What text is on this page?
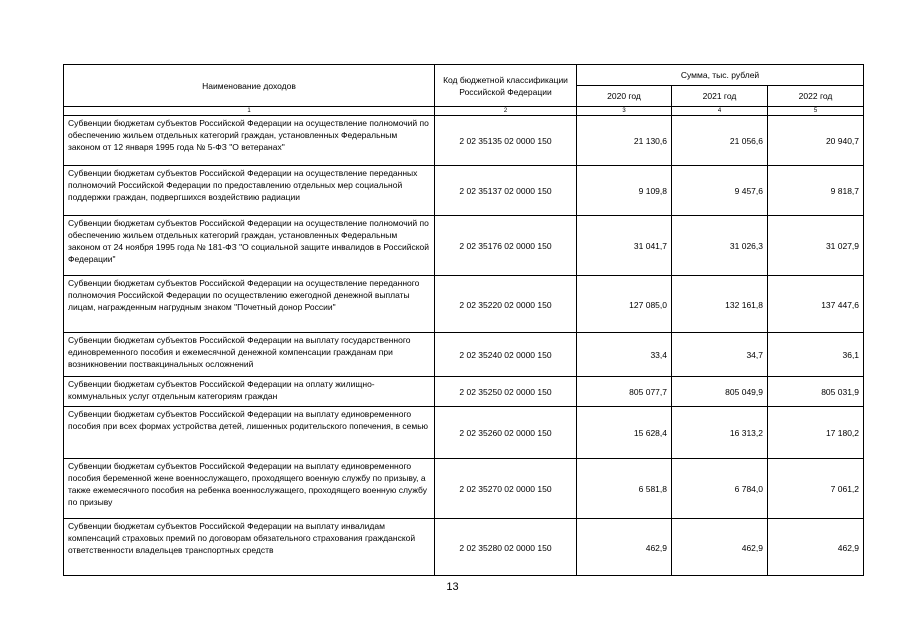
Наименование доходов	Код бюджетной классификации Российской Федерации	Сумма, тыс. рублей		
		2020 год	2021 год	2022 год
1	2	3	4	5
Субвенции бюджетам субъектов Российской Федерации на осуществление полномочий по обеспечению жильем отдельных категорий граждан, установленных Федеральным законом от 12 января 1995 года № 5-ФЗ "О ветеранах"	2 02 35135 02 0000 150	21 130,6	21 056,6	20 940,7
Субвенции бюджетам субъектов Российской Федерации на осуществление переданных полномочий Российской Федерации по предоставлению отдельных мер социальной поддержки граждан, подвергшихся воздействию радиации	2 02 35137 02 0000 150	9 109,8	9 457,6	9 818,7
Субвенции бюджетам субъектов Российской Федерации на осуществление полномочий по обеспечению жильем отдельных категорий граждан, установленных Федеральным законом от 24 ноября 1995 года № 181-ФЗ "О социальной защите инвалидов в Российской Федерации"	2 02 35176 02 0000 150	31 041,7	31 026,3	31 027,9
Субвенции бюджетам субъектов Российской Федерации на осуществление переданного полномочия Российской Федерации по осуществлению ежегодной денежной выплаты лицам, награжденным нагрудным знаком "Почетный донор России"	2 02 35220 02 0000 150	127 085,0	132 161,8	137 447,6
Субвенции бюджетам субъектов Российской Федерации на выплату государственного единовременного пособия и ежемесячной денежной компенсации гражданам при возникновении поствакцинальных осложнений	2 02 35240 02 0000 150	33,4	34,7	36,1
Субвенции бюджетам субъектов Российской Федерации на оплату жилищно-коммунальных услуг отдельным категориям граждан	2 02 35250 02 0000 150	805 077,7	805 049,9	805 031,9
Субвенции бюджетам субъектов Российской Федерации на выплату единовременного пособия при всех формах устройства детей, лишенных родительского попечения, в семью	2 02 35260 02 0000 150	15 628,4	16 313,2	17 180,2
Субвенции бюджетам субъектов Российской Федерации на выплату единовременного пособия беременной жене военнослужащего, проходящего военную службу по призыву, а также ежемесячного пособия на ребенка военнослужащего, проходящего военную службу по призыву	2 02 35270 02 0000 150	6 581,8	6 784,0	7 061,2
Субвенции бюджетам субъектов Российской Федерации на выплату инвалидам компенсаций страховых премий по договорам обязательного страхования гражданской ответственности владельцев транспортных средств	2 02 35280 02 0000 150	462,9	462,9	462,9
13
